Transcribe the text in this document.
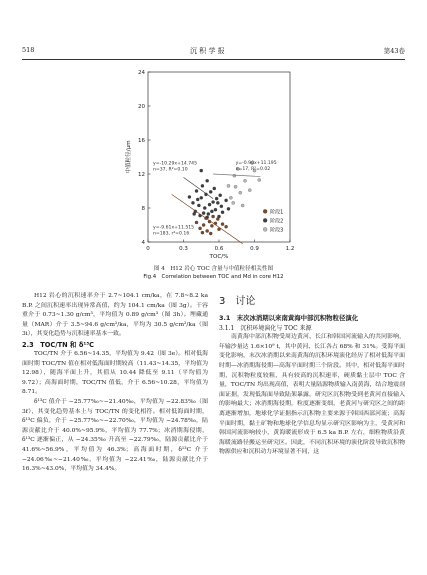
518	沉 积 学 报	第43卷
0	0.3	0.6	0.9	1.2
4
8
12
16
20
24
TOC/%
中值粒径/μm
y=-9.61x+11.515
n=183, r²=0.16
y=-10.29x+14.745
n=37, R²=0.10
y=-0.90x+11.195
n=17, R²=0.02
阶段1
阶段2
阶段3
图 4　H12 岩心 TOC 含量与中值粒径相关性图
Fig.4　Correlation between TOC and Md in core H12

H12 岩心的沉积速率介于 2.7~104.1 cm/ka，在 7.8~8.2 ka B.P. 之间沉积速率出现异常高值，约为 104.1 cm/ka（图 3g）。干容重介于 0.73~1.30 g/cm³，平均值为 0.89 g/cm³（图 3h）。埋藏通量（MAR）介于 3.5~94.6 g/cm²/ka，平均为 30.5 g/cm²/ka（图 3i），其变化趋势与沉积速率基本一致。

2.3　TOC/TN 和 δ¹³C

TOC/TN 介于 6.56~14.35，平均值为 9.42（图 3e）。相对低海面时期 TOC/TN 值在相对低海面时期较高（11.43~14.35，平均值为 12.98），随海平面上升，其值从 10.44 降低至 9.11（平均值为 9.72）；高海面时期，TOC/TN 值低，介于 6.56~10.28，平均值为 8.71。

δ¹³C 值介于 −25.77‰~−21.40‰，平均值为 −22.83‰（图 3f），其变化趋势基本上与 TOC/TN 的变化相符。相对低海面时期，δ¹³C 偏负，介于 −25.77‰~−22.70‰，平均值为 −24.78‰，陆源贡献比介于 40.0%~95.9%，平均值为 77.7%；冰消期海侵期，δ¹³C 逐渐偏正，从 −24.35‰ 升高至 −22.79‰，陆源贡献比介于 41.6%~56.9%，平均值为 46.3%；高海面时期，δ¹³C 介于 −24.06‰~−21.40‰，平均值为 −22.41‰，陆源贡献比介于 16.3%~43.0%，平均值为 34.4%。

3　讨论

3.1　末次冰消期以来南黄海中部沉积物粒径演化

3.1.1　沉积环境演化与 TOC 来源

南黄海中部沉积物受周边黄河、长江和韩国河流输入的共同影响，年输沙量达 1.6×10⁹ t，其中黄河、长江各占 68% 和 31%。受海平面变化影响，末次冰消期以来南黄海的沉积环境演化经历了相对低海平面时期—冰消期海侵期—高海平面时期三个阶段。其中，相对低海平面时期，沉积物粒度较粗，具有较高的沉积速率，硬质黏土层中 TOC 含量，TOC/TN 均出现高值，表明大量陆源物质输入南黄海，结合地震剖面证据，发现低海面导致陆架暴露，研究区沉积物受到老黄河直接输入的影响最大；冰消期海侵期，粒度逐渐变细，老黄河与研究区之间的距离逐渐增加，地球化学证据指示沉积物主要来源于韩国西部河流；高海平面时期，黏土矿物和地球化学信息均显示研究区影响为主，受黄河和韩国河流影响较小，黄海暖流形成于 6.5 ka B.P. 左右，细粒物质沿黄海暖流路径搬运至研究区。因此，不同沉积环境的演化阶段导致沉积物物源供应和沉积动力环境显著不同，这
